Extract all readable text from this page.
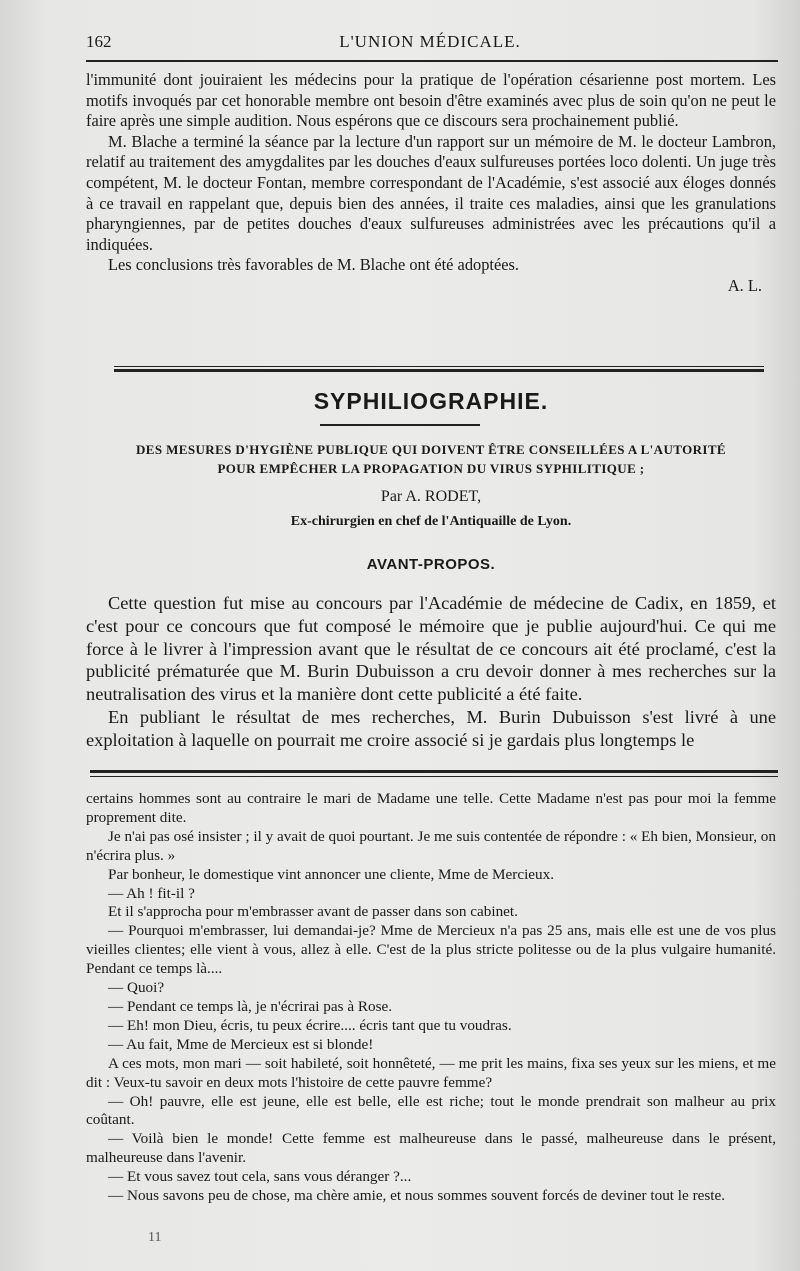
162	L'UNION MÉDICALE.

l'immunité dont jouiraient les médecins pour la pratique de l'opération césarienne post mortem. Les motifs invoqués par cet honorable membre ont besoin d'être examinés avec plus de soin qu'on ne peut le faire après une simple audition. Nous espérons que ce discours sera prochainement publié.

M. Blache a terminé la séance par la lecture d'un rapport sur un mémoire de M. le docteur Lambron, relatif au traitement des amygdalites par les douches d'eaux sulfureuses portées loco dolenti. Un juge très compétent, M. le docteur Fontan, membre correspondant de l'Académie, s'est associé aux éloges donnés à ce travail en rappelant que, depuis bien des années, il traite ces maladies, ainsi que les granulations pharyngiennes, par de petites douches d'eaux sulfureuses administrées avec les précautions qu'il a indiquées.

Les conclusions très favorables de M. Blache ont été adoptées.

A. L.

SYPHILIOGRAPHIE.
DES MESURES D'HYGIÈNE PUBLIQUE QUI DOIVENT ÊTRE CONSEILLÉES A L'AUTORITÉ
POUR EMPÊCHER LA PROPAGATION DU VIRUS SYPHILITIQUE ;
Par A. RODET,
Ex-chirurgien en chef de l'Antiquaille de Lyon.
AVANT-PROPOS.

Cette question fut mise au concours par l'Académie de médecine de Cadix, en 1859, et c'est pour ce concours que fut composé le mémoire que je publie aujourd'hui. Ce qui me force à le livrer à l'impression avant que le résultat de ce concours ait été proclamé, c'est la publicité prématurée que M. Burin Dubuisson a cru devoir donner à mes recherches sur la neutralisation des virus et la manière dont cette publicité a été faite.

En publiant le résultat de mes recherches, M. Burin Dubuisson s'est livré à une exploitation à laquelle on pourrait me croire associé si je gardais plus longtemps le

certains hommes sont au contraire le mari de Madame une telle. Cette Madame n'est pas pour moi la femme proprement dite.

Je n'ai pas osé insister ; il y avait de quoi pourtant. Je me suis contentée de répondre : « Eh bien, Monsieur, on n'écrira plus. »

Par bonheur, le domestique vint annoncer une cliente, Mme de Mercieux.

— Ah ! fit-il ?

Et il s'approcha pour m'embrasser avant de passer dans son cabinet.

— Pourquoi m'embrasser, lui demandai-je? Mme de Mercieux n'a pas 25 ans, mais elle est une de vos plus vieilles clientes; elle vient à vous, allez à elle. C'est de la plus stricte politesse ou de la plus vulgaire humanité. Pendant ce temps là....

— Quoi?

— Pendant ce temps là, je n'écrirai pas à Rose.

— Eh! mon Dieu, écris, tu peux écrire.... écris tant que tu voudras.

— Au fait, Mme de Mercieux est si blonde!

A ces mots, mon mari — soit habileté, soit honnêteté, — me prit les mains, fixa ses yeux sur les miens, et me dit : Veux-tu savoir en deux mots l'histoire de cette pauvre femme?

— Oh! pauvre, elle est jeune, elle est belle, elle est riche; tout le monde prendrait son malheur au prix coûtant.

— Voilà bien le monde! Cette femme est malheureuse dans le passé, malheureuse dans le présent, malheureuse dans l'avenir.

— Et vous savez tout cela, sans vous déranger ?...

— Nous savons peu de chose, ma chère amie, et nous sommes souvent forcés de deviner tout le reste.

11
